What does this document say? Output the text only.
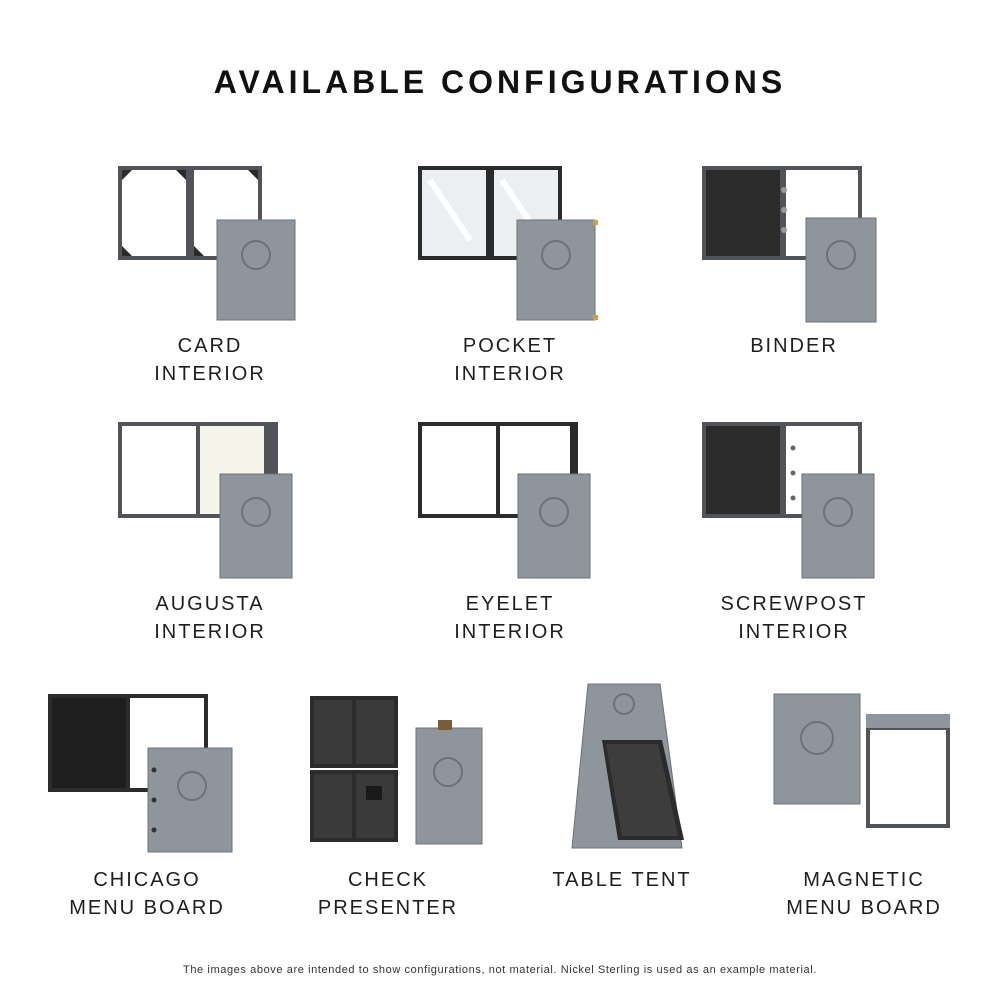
AVAILABLE CONFIGURATIONS
CARD
INTERIOR
POCKET
INTERIOR
BINDER
AUGUSTA
INTERIOR
EYELET
INTERIOR
SCREWPOST
INTERIOR
CHICAGO
MENU BOARD
CHECK
PRESENTER
TABLE TENT	MAGNETIC
MENU BOARD
The images above are intended to show configurations, not material. Nickel Sterling is used as an example material.
